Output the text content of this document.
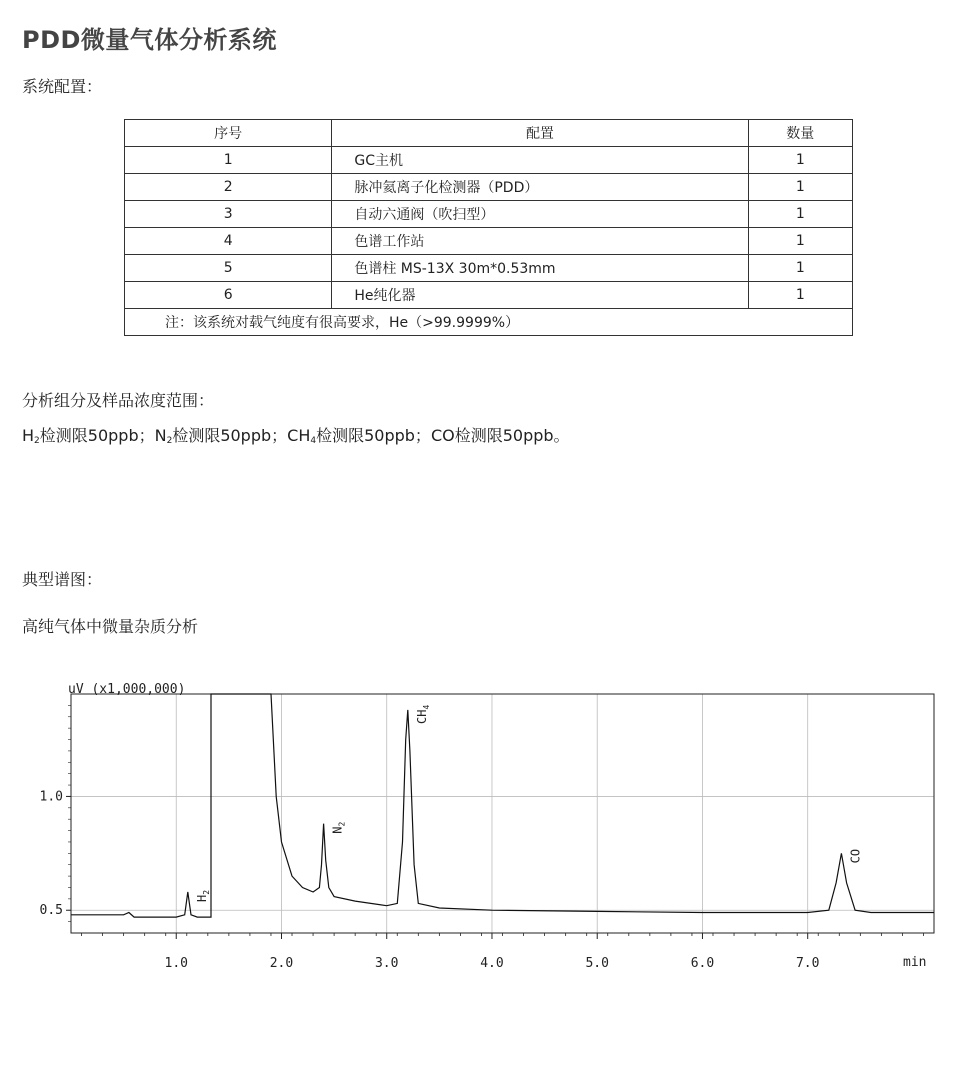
PDD微量气体分析系统
系统配置：
序号	配置	数量
1	GC主机	1
2	脉冲氦离子化检测器（PDD）	1
3	自动六通阀（吹扫型）	1
4	色谱工作站	1
5	色谱柱 MS-13X 30m*0.53mm	1
6	He纯化器	1
注：该系统对载气纯度有很高要求，He（>99.9999%）		
分析组分及样品浓度范围：
$H_2$检测限50ppb；$N_2$检测限50ppb；$CH_4$检测限50ppb；CO检测限50ppb。
典型谱图：
高纯气体中微量杂质分析
uV (x1,000,000)
min
1.0	2.0	3.0	4.0	5.0	6.0	7.0
0.5
1.0
$H_2$
$N_2$
$CH_4$
CO
